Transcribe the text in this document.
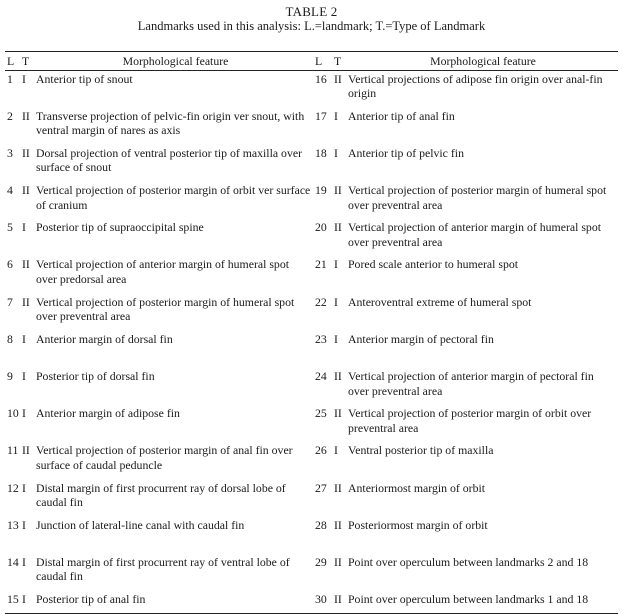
TABLE 2
Landmarks used in this analysis: L.=landmark; T.=Type of Landmark
L	T	Morphological feature	L	T	Morphological feature
1	I	Anterior tip of snout	16	II	Vertical projections of adipose fin origin over anal-fin origin
2	II	Transverse projection of pelvic-fin origin ver snout, with ventral margin of nares as axis	17	I	Anterior tip of anal fin
3	II	Dorsal projection of ventral posterior tip of maxilla over surface of snout	18	I	Anterior tip of pelvic fin
4	II	Vertical projection of posterior margin of orbit ver surface of cranium	19	II	Vertical projection of posterior margin of humeral spot over preventral area
5	I	Posterior tip of supraoccipital spine	20	II	Vertical projection of anterior margin of humeral spot over preventral area
6	II	Vertical projection of anterior margin of humeral spot over predorsal area	21	I	Pored scale anterior to humeral spot
7	II	Vertical projection of posterior margin of humeral spot over preventral area	22	I	Anteroventral extreme of humeral spot
8	I	Anterior margin of dorsal fin	23	I	Anterior margin of pectoral fin
9	I	Posterior tip of dorsal fin	24	II	Vertical projection of anterior margin of pectoral fin over preventral area
10	I	Anterior margin of adipose fin	25	II	Vertical projection of posterior margin of orbit over preventral area
11	II	Vertical projection of posterior margin of anal fin over surface of caudal peduncle	26	I	Ventral posterior tip of maxilla
12	I	Distal margin of first procurrent ray of dorsal lobe of caudal fin	27	II	Anteriormost margin of orbit
13	I	Junction of lateral-line canal with caudal fin	28	II	Posteriormost margin of orbit
14	I	Distal margin of first procurrent ray of ventral lobe of caudal fin	29	II	Point over operculum between landmarks 2 and 18
15	I	Posterior tip of anal fin	30	II	Point over operculum between landmarks 1 and 18
